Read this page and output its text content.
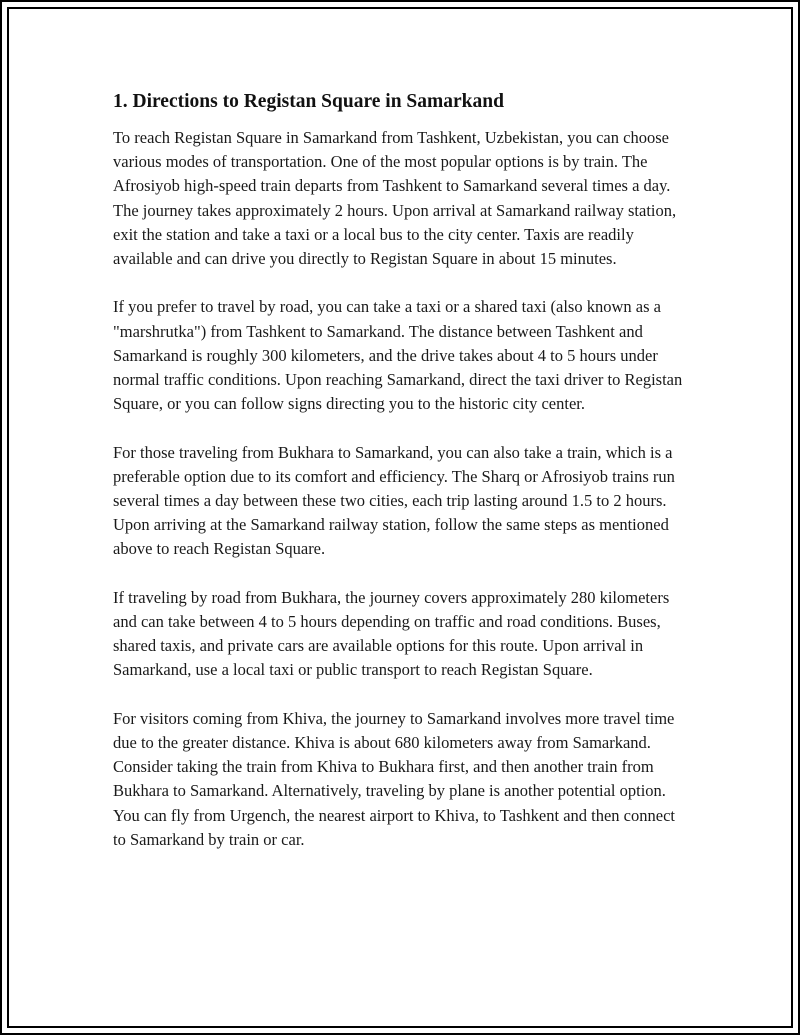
1. Directions to Registan Square in Samarkand

To reach Registan Square in Samarkand from Tashkent, Uzbekistan, you can choose various modes of transportation. One of the most popular options is by train. The Afrosiyob high-speed train departs from Tashkent to Samarkand several times a day. The journey takes approximately 2 hours. Upon arrival at Samarkand railway station, exit the station and take a taxi or a local bus to the city center. Taxis are readily available and can drive you directly to Registan Square in about 15 minutes.

If you prefer to travel by road, you can take a taxi or a shared taxi (also known as a "marshrutka") from Tashkent to Samarkand. The distance between Tashkent and Samarkand is roughly 300 kilometers, and the drive takes about 4 to 5 hours under normal traffic conditions. Upon reaching Samarkand, direct the taxi driver to Registan Square, or you can follow signs directing you to the historic city center.

For those traveling from Bukhara to Samarkand, you can also take a train, which is a preferable option due to its comfort and efficiency. The Sharq or Afrosiyob trains run several times a day between these two cities, each trip lasting around 1.5 to 2 hours. Upon arriving at the Samarkand railway station, follow the same steps as mentioned above to reach Registan Square.

If traveling by road from Bukhara, the journey covers approximately 280 kilometers and can take between 4 to 5 hours depending on traffic and road conditions. Buses, shared taxis, and private cars are available options for this route. Upon arrival in Samarkand, use a local taxi or public transport to reach Registan Square.

For visitors coming from Khiva, the journey to Samarkand involves more travel time due to the greater distance. Khiva is about 680 kilometers away from Samarkand. Consider taking the train from Khiva to Bukhara first, and then another train from Bukhara to Samarkand. Alternatively, traveling by plane is another potential option. You can fly from Urgench, the nearest airport to Khiva, to Tashkent and then connect to Samarkand by train or car.
